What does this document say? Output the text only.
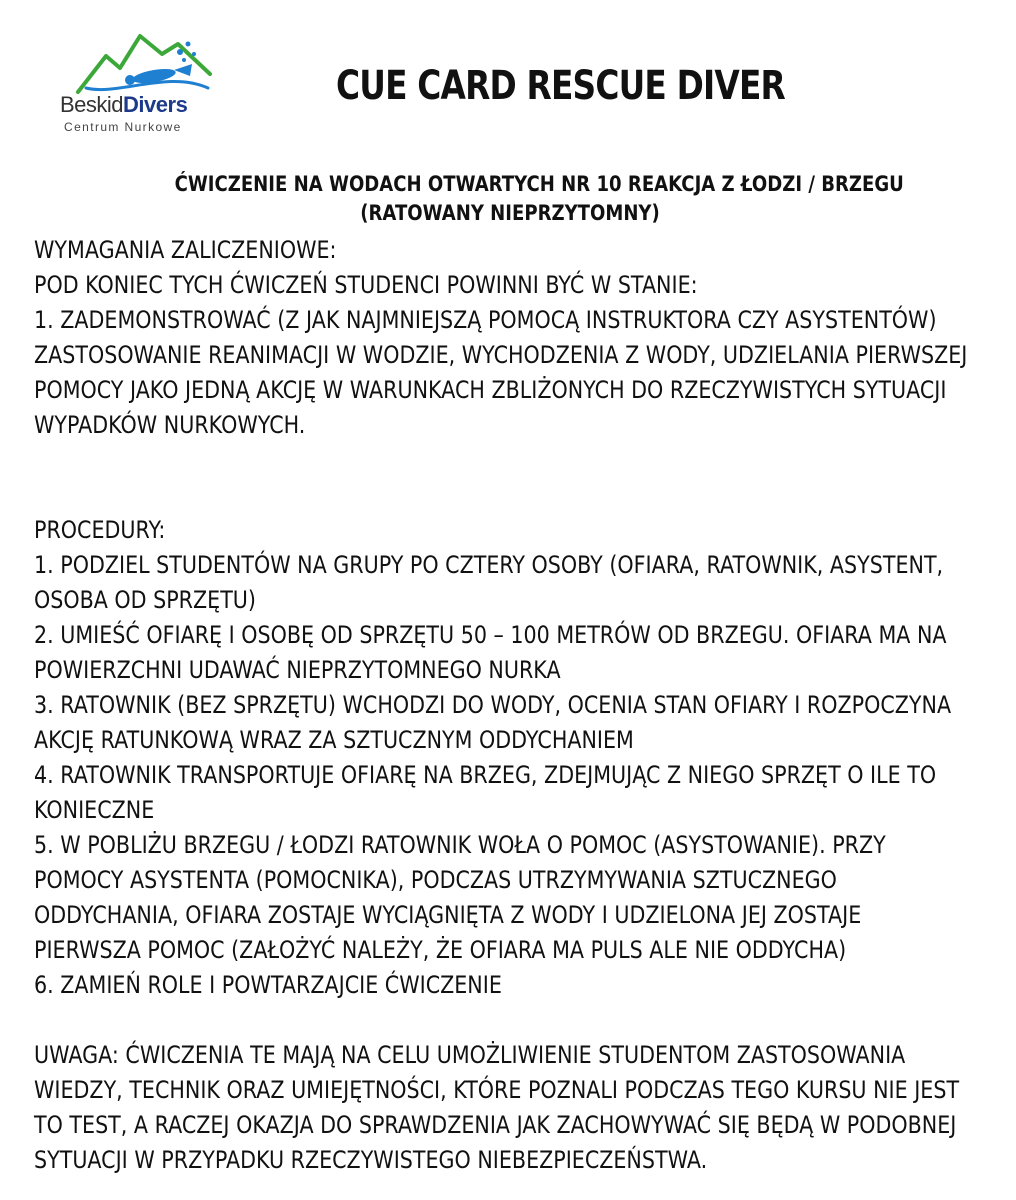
BeskidDivers
Centrum Nurkowe
CUE CARD RESCUE DIVER
ĆWICZENIE NA WODACH OTWARTYCH NR 10 REAKCJA Z ŁODZI / BRZEGU
(RATOWANY NIEPRZYTOMNY)
WYMAGANIA ZALICZENIOWE:
POD KONIEC TYCH ĆWICZEŃ STUDENCI POWINNI BYĆ W STANIE:
1. ZADEMONSTROWAĆ (Z JAK NAJMNIEJSZĄ POMOCĄ INSTRUKTORA CZY ASYSTENTÓW)
ZASTOSOWANIE REANIMACJI W WODZIE, WYCHODZENIA Z WODY, UDZIELANIA PIERWSZEJ
POMOCY JAKO JEDNĄ AKCJĘ W WARUNKACH ZBLIŻONYCH DO RZECZYWISTYCH SYTUACJI
WYPADKÓW NURKOWYCH.
PROCEDURY:
1. PODZIEL STUDENTÓW NA GRUPY PO CZTERY OSOBY (OFIARA, RATOWNIK, ASYSTENT,
OSOBA OD SPRZĘTU)
2. UMIEŚĆ OFIARĘ I OSOBĘ OD SPRZĘTU 50 – 100 METRÓW OD BRZEGU. OFIARA MA NA
POWIERZCHNI UDAWAĆ NIEPRZYTOMNEGO NURKA
3. RATOWNIK (BEZ SPRZĘTU) WCHODZI DO WODY, OCENIA STAN OFIARY I ROZPOCZYNA
AKCJĘ RATUNKOWĄ WRAZ ZA SZTUCZNYM ODDYCHANIEM
4. RATOWNIK TRANSPORTUJE OFIARĘ NA BRZEG, ZDEJMUJĄC Z NIEGO SPRZĘT O ILE TO
KONIECZNE
5. W POBLIŻU BRZEGU / ŁODZI RATOWNIK WOŁA O POMOC (ASYSTOWANIE). PRZY
POMOCY ASYSTENTA (POMOCNIKA), PODCZAS UTRZYMYWANIA SZTUCZNEGO
ODDYCHANIA, OFIARA ZOSTAJE WYCIĄGNIĘTA Z WODY I UDZIELONA JEJ ZOSTAJE
PIERWSZA POMOC (ZAŁOŻYĆ NALEŻY, ŻE OFIARA MA PULS ALE NIE ODDYCHA)
6. ZAMIEŃ ROLE I POWTARZAJCIE ĆWICZENIE
UWAGA: ĆWICZENIA TE MAJĄ NA CELU UMOŻLIWIENIE STUDENTOM ZASTOSOWANIA
WIEDZY, TECHNIK ORAZ UMIEJĘTNOŚCI, KTÓRE POZNALI PODCZAS TEGO KURSU NIE JEST
TO TEST, A RACZEJ OKAZJA DO SPRAWDZENIA JAK ZACHOWYWAĆ SIĘ BĘDĄ W PODOBNEJ
SYTUACJI W PRZYPADKU RZECZYWISTEGO NIEBEZPIECZEŃSTWA.
